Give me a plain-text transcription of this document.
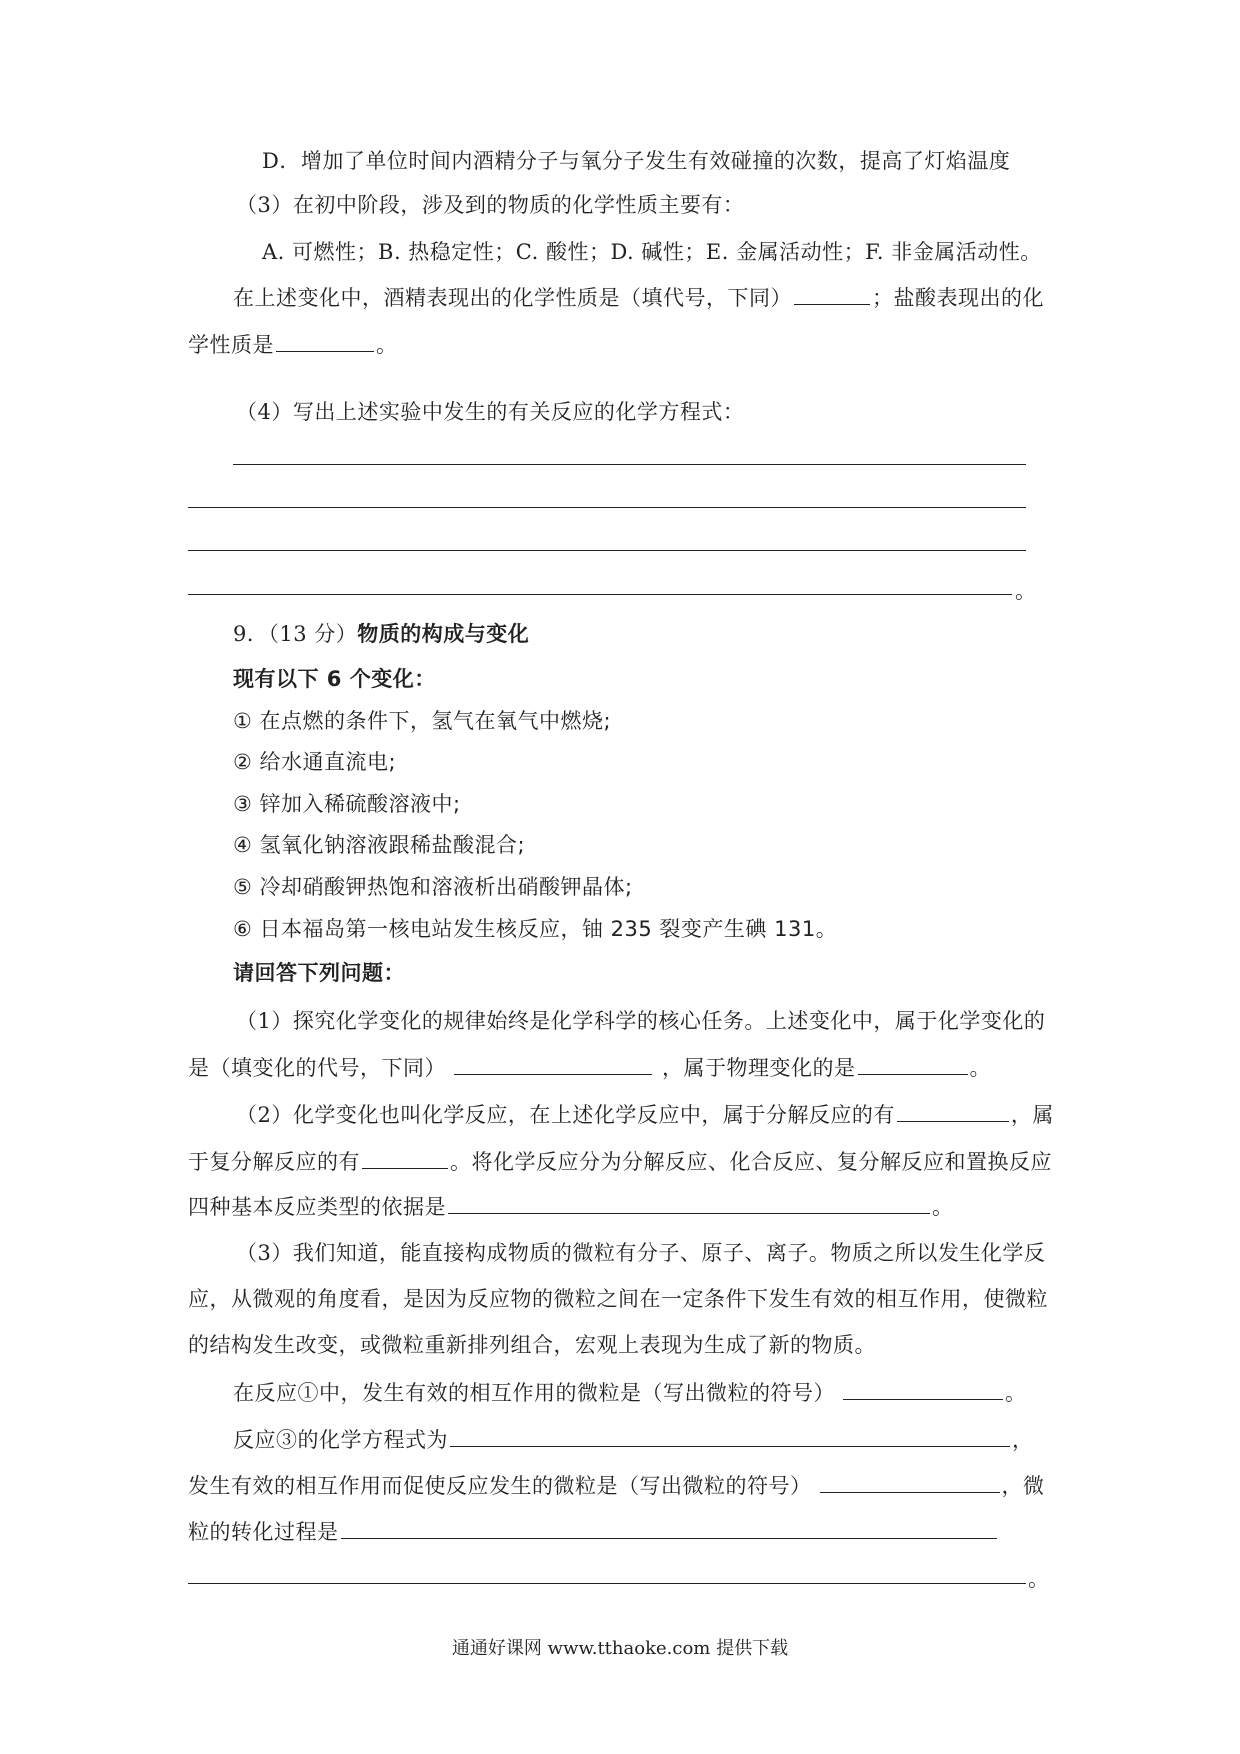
D．增加了单位时间内酒精分子与氧分子发生有效碰撞的次数，提高了灯焰温度
（3）在初中阶段，涉及到的物质的化学性质主要有：
A. 可燃性；B. 热稳定性；C. 酸性；D. 碱性；E. 金属活动性；F. 非金属活动性。
在上述变化中，酒精表现出的化学性质是（填代号，下同）	；盐酸表现出的化
学性质是	。
（4）写出上述实验中发生的有关反应的化学方程式：
。
9．（13 分）物质的构成与变化
现有以下 6 个变化：
① 在点燃的条件下，氢气在氧气中燃烧;
② 给水通直流电;
③ 锌加入稀硫酸溶液中;
④ 氢氧化钠溶液跟稀盐酸混合;
⑤ 冷却硝酸钾热饱和溶液析出硝酸钾晶体;
⑥ 日本福岛第一核电站发生核反应，铀 235 裂变产生碘 131。
请回答下列问题：
（1）探究化学变化的规律始终是化学科学的核心任务。上述变化中，属于化学变化的
是（填变化的代号，下同）	，属于物理变化的是	。
（2）化学变化也叫化学反应，在上述化学反应中，属于分解反应的有	，属
于复分解反应的有	。将化学反应分为分解反应、化合反应、复分解反应和置换反应
四种基本反应类型的依据是	。
（3）我们知道，能直接构成物质的微粒有分子、原子、离子。物质之所以发生化学反
应，从微观的角度看，是因为反应物的微粒之间在一定条件下发生有效的相互作用，使微粒
的结构发生改变，或微粒重新排列组合，宏观上表现为生成了新的物质。
在反应①中，发生有效的相互作用的微粒是（写出微粒的符号）	。
反应③的化学方程式为	，
发生有效的相互作用而促使反应发生的微粒是（写出微粒的符号）	，微
粒的转化过程是
。
通通好课网 www.tthaoke.com 提供下载
